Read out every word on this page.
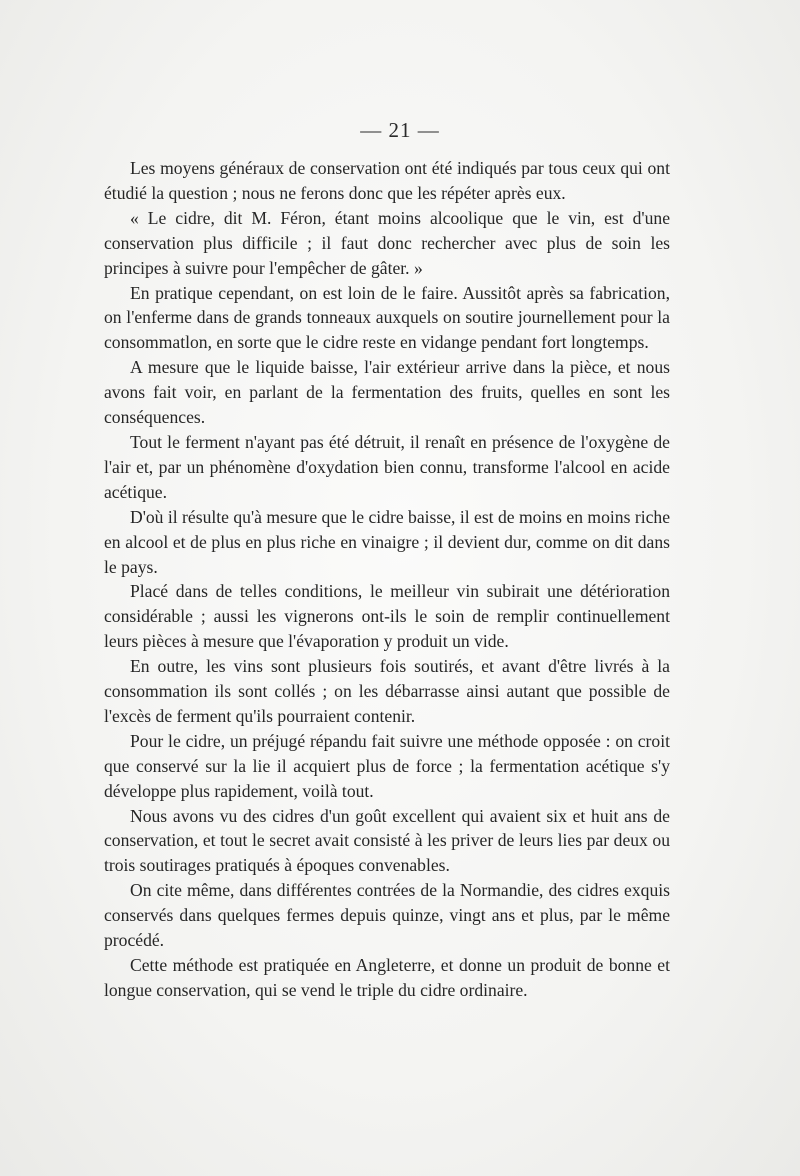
— 21 —

Les moyens généraux de conservation ont été indiqués par tous ceux qui ont étudié la question ; nous ne ferons donc que les répéter après eux.

« Le cidre, dit M. Féron, étant moins alcoolique que le vin, est d'une conservation plus difficile ; il faut donc rechercher avec plus de soin les principes à suivre pour l'empêcher de gâter. »

En pratique cependant, on est loin de le faire. Aussitôt après sa fabrication, on l'enferme dans de grands tonneaux auxquels on soutire journellement pour la consommatlon, en sorte que le cidre reste en vidange pendant fort longtemps.

A mesure que le liquide baisse, l'air extérieur arrive dans la pièce, et nous avons fait voir, en parlant de la fermentation des fruits, quelles en sont les conséquences.

Tout le ferment n'ayant pas été détruit, il renaît en présence de l'oxygène de l'air et, par un phénomène d'oxydation bien connu, transforme l'alcool en acide acétique.

D'où il résulte qu'à mesure que le cidre baisse, il est de moins en moins riche en alcool et de plus en plus riche en vinaigre ; il devient dur, comme on dit dans le pays.

Placé dans de telles conditions, le meilleur vin subirait une détérioration considérable ; aussi les vignerons ont-ils le soin de remplir continuellement leurs pièces à mesure que l'évaporation y produit un vide.

En outre, les vins sont plusieurs fois soutirés, et avant d'être livrés à la consommation ils sont collés ; on les débarrasse ainsi autant que possible de l'excès de ferment qu'ils pourraient contenir.

Pour le cidre, un préjugé répandu fait suivre une méthode opposée : on croit que conservé sur la lie il acquiert plus de force ; la fermentation acétique s'y développe plus rapidement, voilà tout.

Nous avons vu des cidres d'un goût excellent qui avaient six et huit ans de conservation, et tout le secret avait consisté à les priver de leurs lies par deux ou trois soutirages pratiqués à époques convenables.

On cite même, dans différentes contrées de la Normandie, des cidres exquis conservés dans quelques fermes depuis quinze, vingt ans et plus, par le même procédé.

Cette méthode est pratiquée en Angleterre, et donne un produit de bonne et longue conservation, qui se vend le triple du cidre ordinaire.
